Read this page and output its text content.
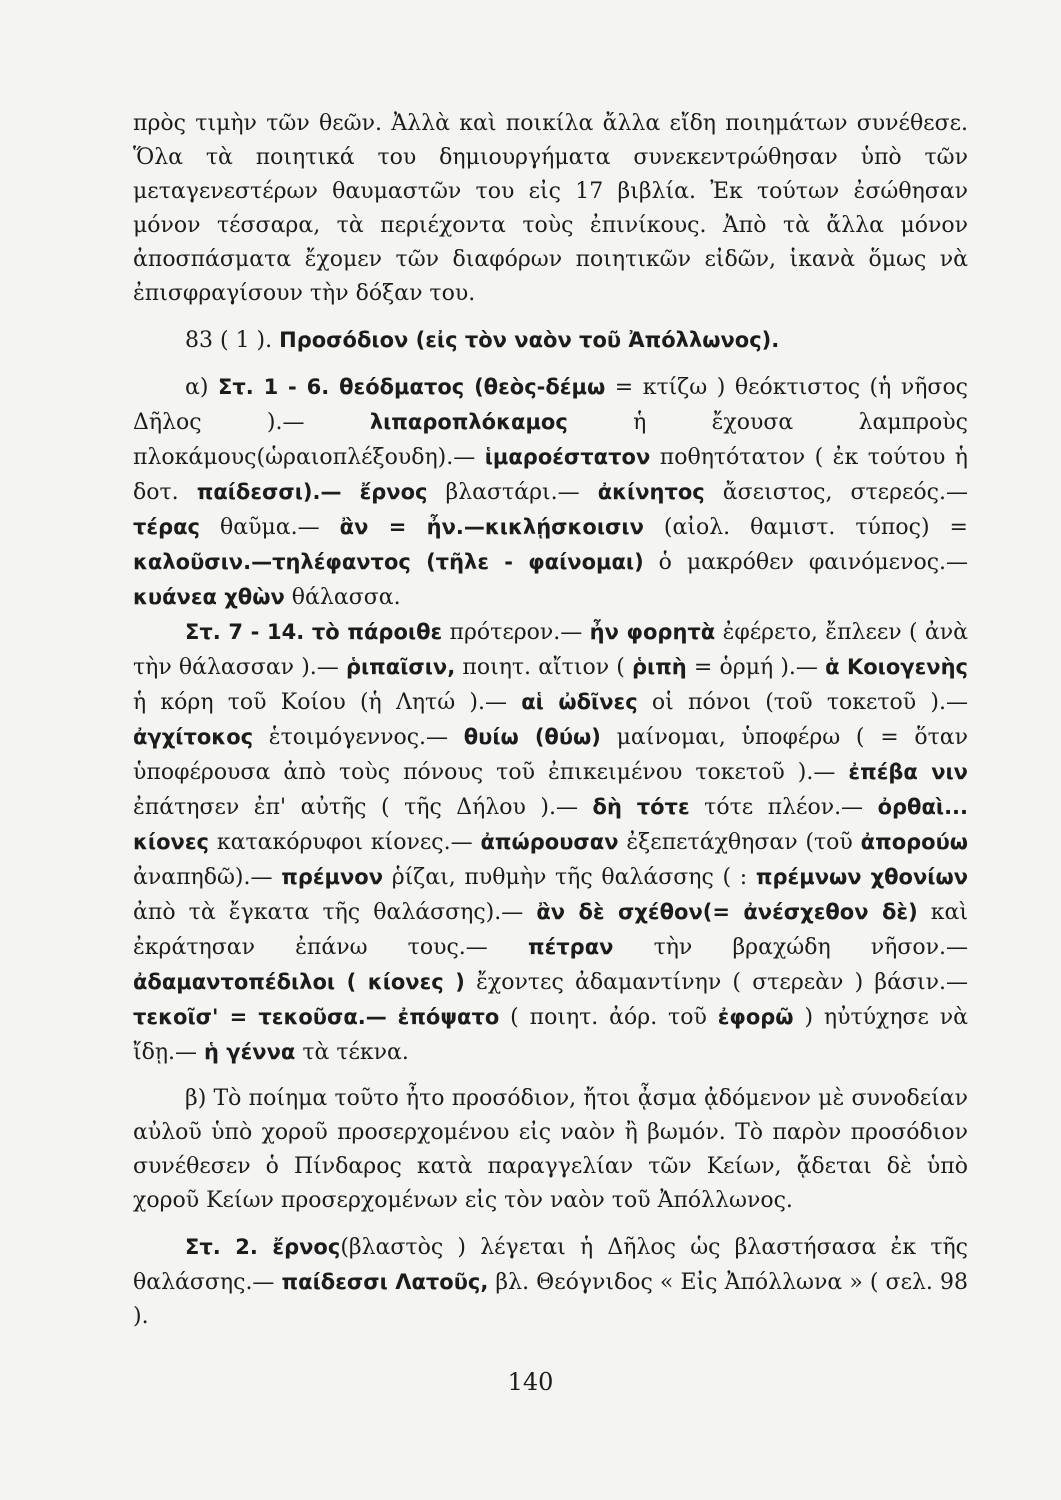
πρὸς τιμὴν τῶν θεῶν. Ἀλλὰ καὶ ποικίλα ἄλλα εἴδη ποιημάτων συνέθεσε. Ὅλα τὰ ποιητικά του δημιουργήματα συνεκεντρώθησαν ὑπὸ τῶν μεταγενεστέρων θαυμαστῶν του εἰς 17 βιβλία. Ἐκ τούτων ἐσώθησαν μόνον τέσσαρα, τὰ περιέχοντα τοὺς ἐπινίκους. Ἀπὸ τὰ ἄλλα μόνον ἀποσπάσματα ἔχομεν τῶν διαφόρων ποιητικῶν εἰδῶν, ἱκανὰ ὅμως νὰ ἐπισφραγίσουν τὴν δόξαν του.

83 ( 1 ). Προσόδιον (εἰς τὸν ναὸν τοῦ Ἀπόλλωνος).

α) Στ. 1 - 6. θεόδματος (θεὸς-δέμω = κτίζω ) θεόκτιστος (ἡ νῆσος Δῆλος ).—	λιπαροπλόκαμος	ἡ ἔχουσα λαμπροὺς πλοκάμους(ὡραιοπλέξουδη).— ἱμαροέστατον ποθητότατον ( ἐκ τούτου ἡ δοτ. παίδεσσι).— ἔρνος βλαστάρι.— ἀκίνητος ἄσειστος, στερεός.— τέρας θαῦμα.— ἂν = ἦν.—κικλῄσκοισιν (αἰολ. θαμιστ. τύπος) = καλοῦσιν.—τηλέφαντος (τῆλε - φαίνομαι) ὁ μακρόθεν φαινόμενος.— κυάνεα χθὼν θάλασσα.

Στ. 7 - 14. τὸ πάροιθε πρότερον.— ἦν φορητὰ ἐφέρετο, ἔπλεεν ( ἀνὰ τὴν θάλασσαν ).— ῥιπαῖσιν, ποιητ. αἴτιον ( ῥιπὴ = ὁρμή ).— ἁ Κοιογενὴς ἡ κόρη τοῦ Κοίου (ἡ Λητώ ).— αἱ ὠδῖνες οἱ πόνοι (τοῦ τοκετοῦ ).— ἀγχίτοκος ἑτοιμόγεννος.— θυίω (θύω) μαίνομαι, ὑποφέρω ( = ὅταν ὑποφέρουσα ἀπὸ τοὺς πόνους τοῦ ἐπικειμένου τοκετοῦ ).— ἐπέβα νιν ἐπάτησεν ἐπ' αὐτῆς ( τῆς Δήλου ).— δὴ τότε τότε πλέον.— ὀρθαὶ... κίονες κατακόρυφοι κίονες.— ἀπώρουσαν ἐξεπετάχθησαν (τοῦ ἀπορούω ἀναπηδῶ).— πρέμνον ῥίζαι, πυθμὴν τῆς θαλάσσης ( : πρέμνων χθονίων ἀπὸ τὰ ἔγκατα τῆς θαλάσσης).— ἂν δὲ σχέθον(= ἀνέσχεθον δὲ) καὶ ἐκράτησαν ἐπάνω τους.— πέτραν τὴν βραχώδη νῆσον.— ἀδαμαντοπέδιλοι ( κίονες ) ἔχοντες ἀδαμαντίνην ( στερεὰν ) βάσιν.— τεκοῖσ' = τεκοῦσα.— ἐπόψατο ( ποιητ. ἀόρ. τοῦ ἐφορῶ ) ηὐτύχησε νὰ ἴδῃ.— ἡ γέννα τὰ τέκνα.

β) Τὸ ποίημα τοῦτο ἦτο προσόδιον, ἤτοι ᾆσμα ᾀδόμενον μὲ συνοδείαν αὐλοῦ ὑπὸ χοροῦ προσερχομένου εἰς ναὸν ἢ βωμόν. Τὸ παρὸν προσόδιον συνέθεσεν ὁ Πίνδαρος κατὰ παραγγελίαν τῶν Κείων, ᾄδεται δὲ ὑπὸ χοροῦ Κείων προσερχομένων εἰς τὸν ναὸν τοῦ Ἀπόλλωνος.

Στ. 2. ἔρνος(βλαστὸς ) λέγεται ἡ Δῆλος ὡς βλαστήσασα ἐκ τῆς θαλάσσης.— παίδεσσι Λατοῦς, βλ. Θεόγνιδος « Εἰς Ἀπόλλωνα » ( σελ. 98 ).

140
